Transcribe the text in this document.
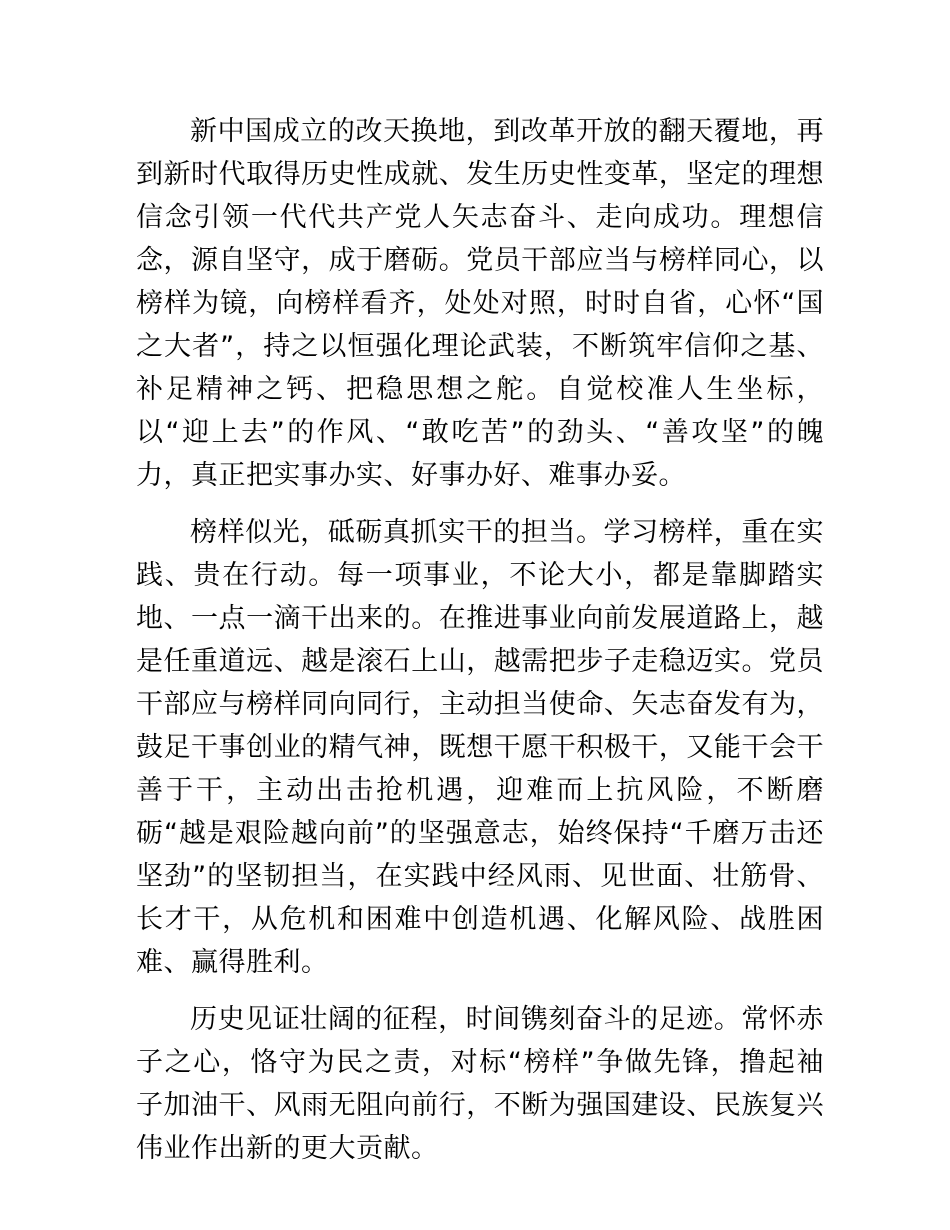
新中国成立的改天换地，到改革开放的翻天覆地，再到新时代取得历史性成就、发生历史性变革，坚定的理想信念引领一代代共产党人矢志奋斗、走向成功。理想信念，源自坚守，成于磨砺。党员干部应当与榜样同心，以榜样为镜，向榜样看齐，处处对照，时时自省，心怀“国之大者”，持之以恒强化理论武装，不断筑牢信仰之基、补足精神之钙、把稳思想之舵。自觉校准人生坐标，以“迎上去”的作风、“敢吃苦”的劲头、“善攻坚”的魄力，真正把实事办实、好事办好、难事办妥。

榜样似光，砥砺真抓实干的担当。学习榜样，重在实践、贵在行动。每一项事业，不论大小，都是靠脚踏实地、一点一滴干出来的。在推进事业向前发展道路上，越是任重道远、越是滚石上山，越需把步子走稳迈实。党员干部应与榜样同向同行，主动担当使命、矢志奋发有为，鼓足干事创业的精气神，既想干愿干积极干，又能干会干善于干，主动出击抢机遇，迎难而上抗风险，不断磨砺“越是艰险越向前”的坚强意志，始终保持“千磨万击还坚劲”的坚韧担当，在实践中经风雨、见世面、壮筋骨、长才干，从危机和困难中创造机遇、化解风险、战胜困难、赢得胜利。

历史见证壮阔的征程，时间镌刻奋斗的足迹。常怀赤子之心，恪守为民之责，对标“榜样”争做先锋，撸起袖子加油干、风雨无阻向前行，不断为强国建设、民族复兴伟业作出新的更大贡献。
